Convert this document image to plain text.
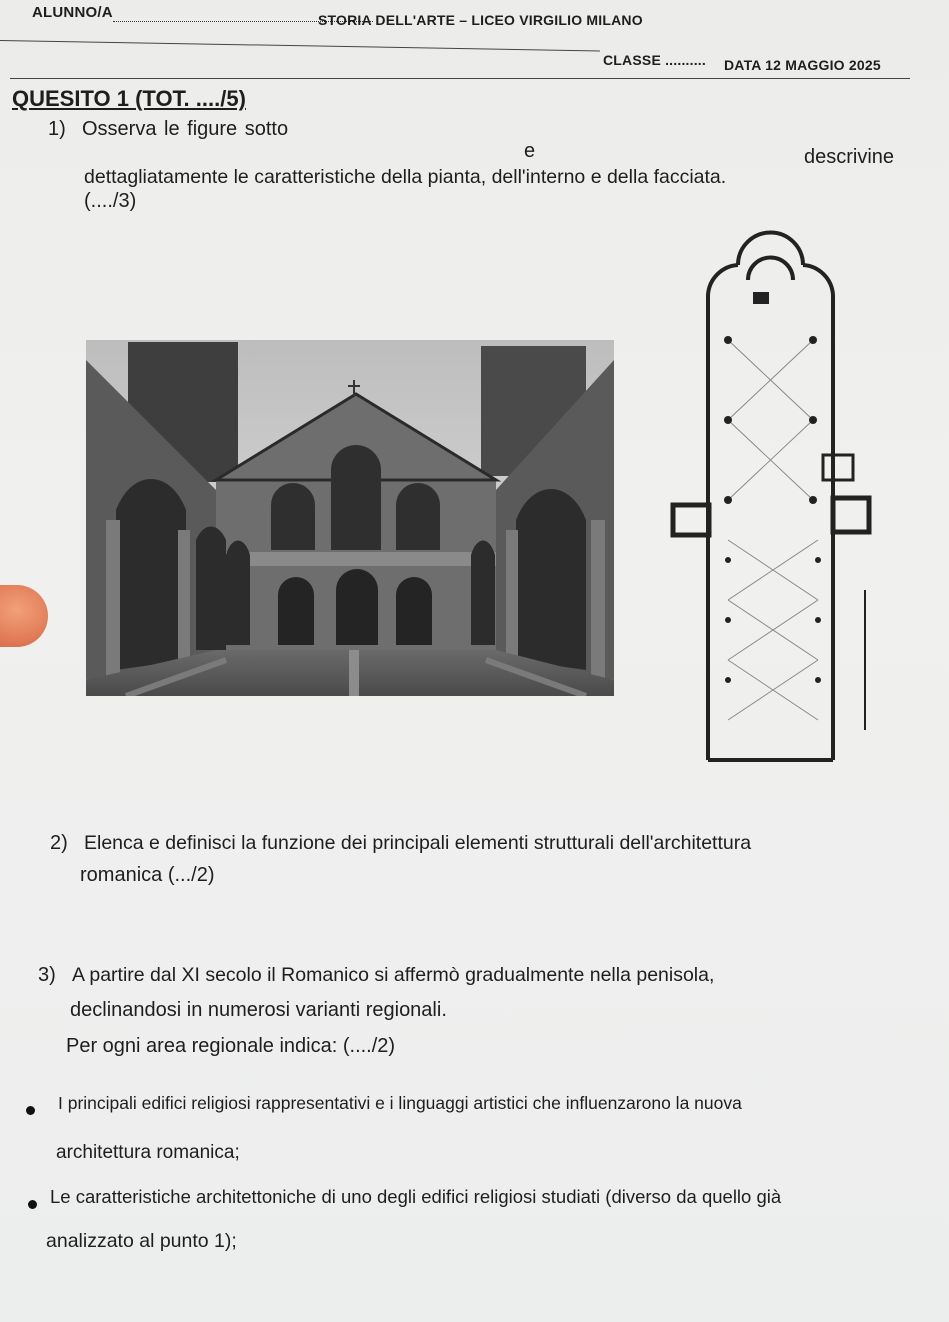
ALUNNO/A	STORIA DELL'ARTE – LICEO VIRGILIO MILANO
CLASSE .......... DATA 12 MAGGIO 2025
QUESITO 1 (TOT. ..../5)
1) Osserva le figure sotto
e	descrivine
dettagliatamente le caratteristiche della pianta, dell'interno e della facciata.
(..../3)
2) Elenca e definisci la funzione dei principali elementi strutturali dell'architettura
romanica (.../2)
3) A partire dal XI secolo il Romanico si affermò gradualmente nella penisola,
declinandosi in numerosi varianti regionali.
Per ogni area regionale indica: (..../2)
I principali edifici religiosi rappresentativi e i linguaggi artistici che influenzarono la nuova
architettura romanica;
Le caratteristiche architettoniche di uno degli edifici religiosi studiati (diverso da quello già
analizzato al punto 1);
